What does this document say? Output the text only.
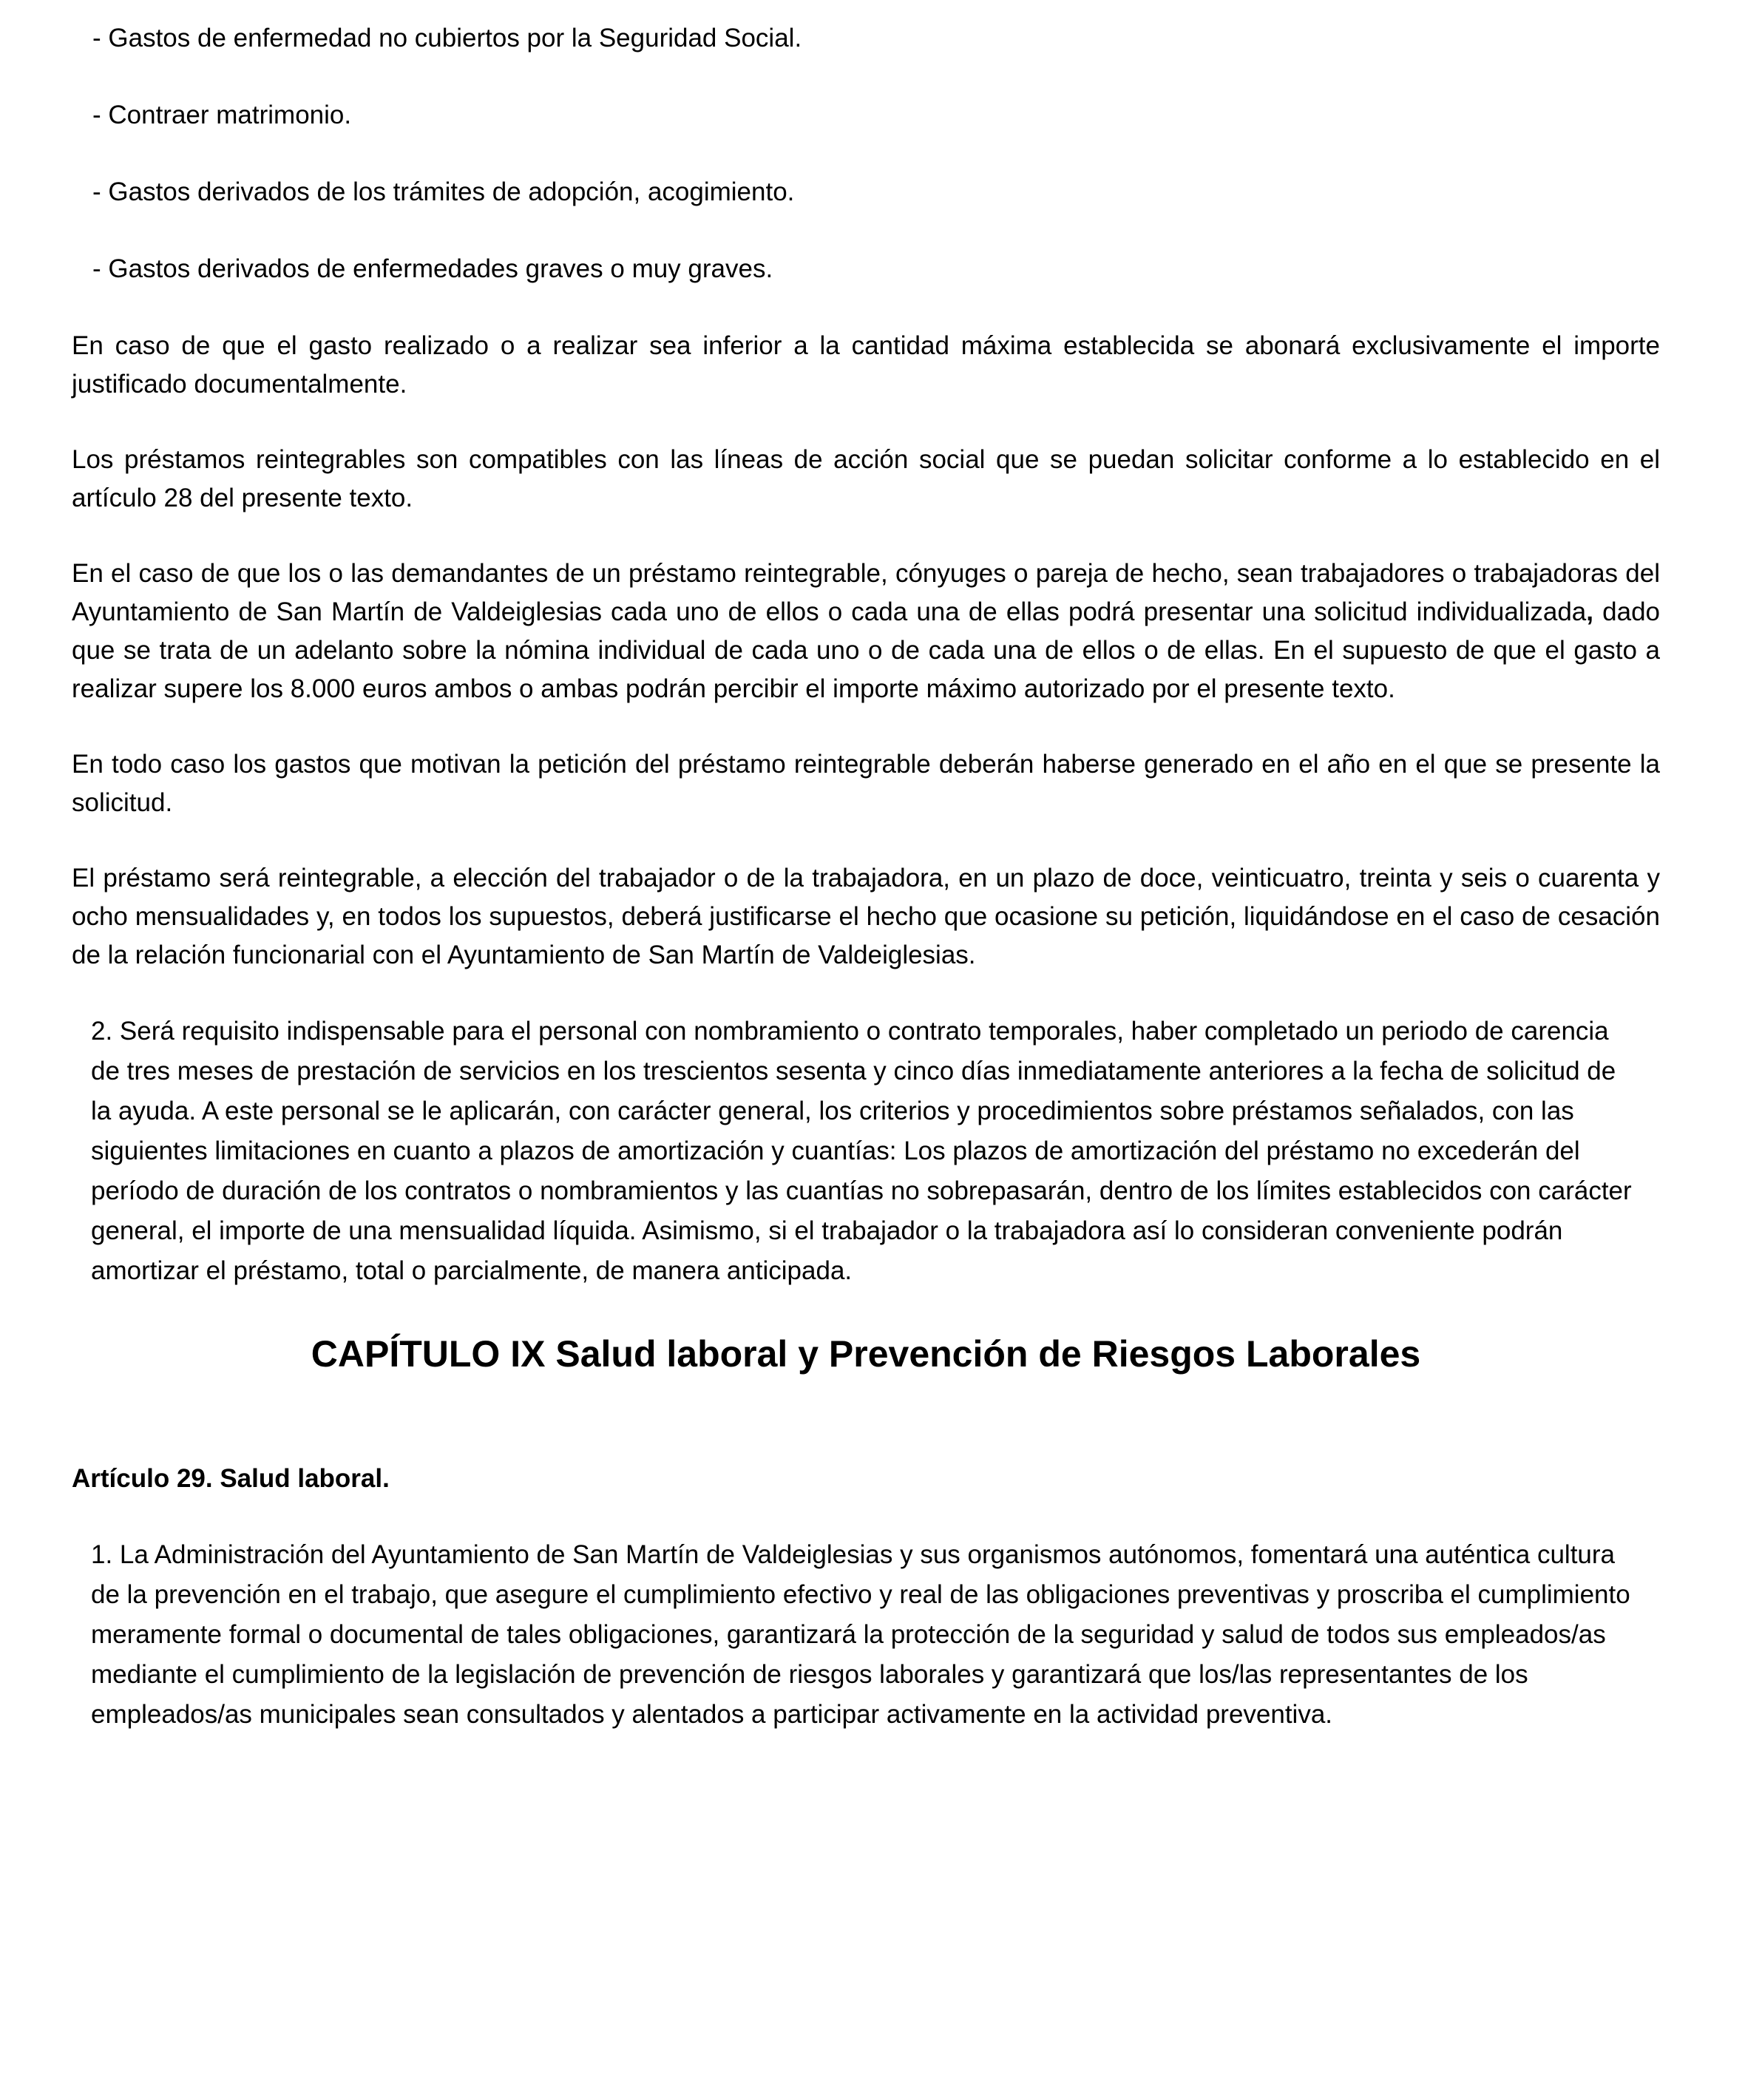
- Gastos de enfermedad no cubiertos por la Seguridad Social.

- Contraer matrimonio.

- Gastos derivados de los trámites de adopción, acogimiento.

- Gastos derivados de enfermedades graves o muy graves.

En caso de que el gasto realizado o a realizar sea inferior a la cantidad máxima establecida se abonará exclusivamente el importe justificado documentalmente.

Los préstamos reintegrables son compatibles con las líneas de acción social que se puedan solicitar conforme a lo establecido en el artículo 28 del presente texto.

En el caso de que los o las demandantes de un préstamo reintegrable, cónyuges o pareja de hecho, sean trabajadores o trabajadoras del Ayuntamiento de San Martín de Valdeiglesias cada uno de ellos o cada una de ellas podrá presentar una solicitud individualizada, dado que se trata de un adelanto sobre la nómina individual de cada uno o de cada una de ellos o de ellas. En el supuesto de que el gasto a realizar supere los 8.000 euros ambos o ambas podrán percibir el importe máximo autorizado por el presente texto.

En todo caso los gastos que motivan la petición del préstamo reintegrable deberán haberse generado en el año en el que se presente la solicitud.

El préstamo será reintegrable, a elección del trabajador o de la trabajadora, en un plazo de doce, veinticuatro, treinta y seis o cuarenta y ocho mensualidades y, en todos los supuestos, deberá justificarse el hecho que ocasione su petición, liquidándose en el caso de cesación de la relación funcionarial con el Ayuntamiento de San Martín de Valdeiglesias.

2. Será requisito indispensable para el personal con nombramiento o contrato temporales, haber completado un periodo de carencia de tres meses de prestación de servicios en los trescientos sesenta y cinco días inmediatamente anteriores a la fecha de solicitud de la ayuda. A este personal se le aplicarán, con carácter general, los criterios y procedimientos sobre préstamos señalados, con las siguientes limitaciones en cuanto a plazos de amortización y cuantías: Los plazos de amortización del préstamo no excederán del período de duración de los contratos o nombramientos y las cuantías no sobrepasarán, dentro de los límites establecidos con carácter general, el importe de una mensualidad líquida. Asimismo, si el trabajador o la trabajadora así lo consideran conveniente podrán amortizar el préstamo, total o parcialmente, de manera anticipada.

CAPÍTULO IX Salud laboral y Prevención de Riesgos Laborales
Artículo 29. Salud laboral.

1. La Administración del Ayuntamiento de San Martín de Valdeiglesias y sus organismos autónomos, fomentará una auténtica cultura de la prevención en el trabajo, que asegure el cumplimiento efectivo y real de las obligaciones preventivas y proscriba el cumplimiento meramente formal o documental de tales obligaciones, garantizará la protección de la seguridad y salud de todos sus empleados/as mediante el cumplimiento de la legislación de prevención de riesgos laborales y garantizará que los/las representantes de los empleados/as municipales sean consultados y alentados a participar activamente en la actividad preventiva.
